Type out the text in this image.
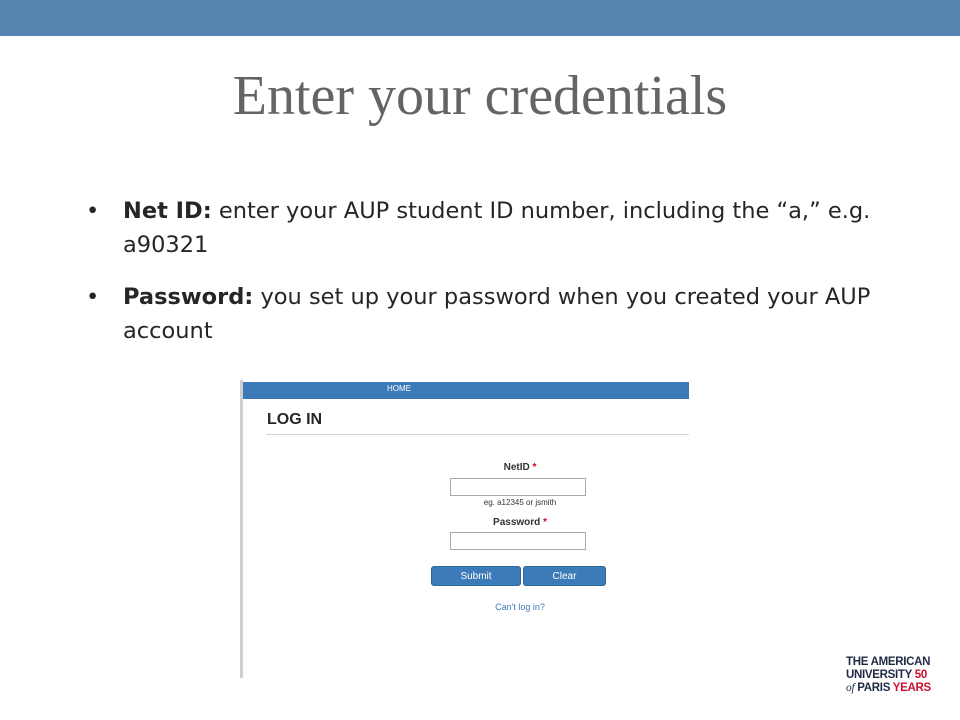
Enter your credentials
• Net ID: enter your AUP student ID number, including the “a,” e.g. a90321
• Password: you set up your password when you created your AUP account
HOME
LOG IN
NetID *
eg. a12345 or jsmith
Password *
Submit	Clear
Can't log in?
THE AMERICAN
UNIVERSITY 50
of PARIS YEARS
